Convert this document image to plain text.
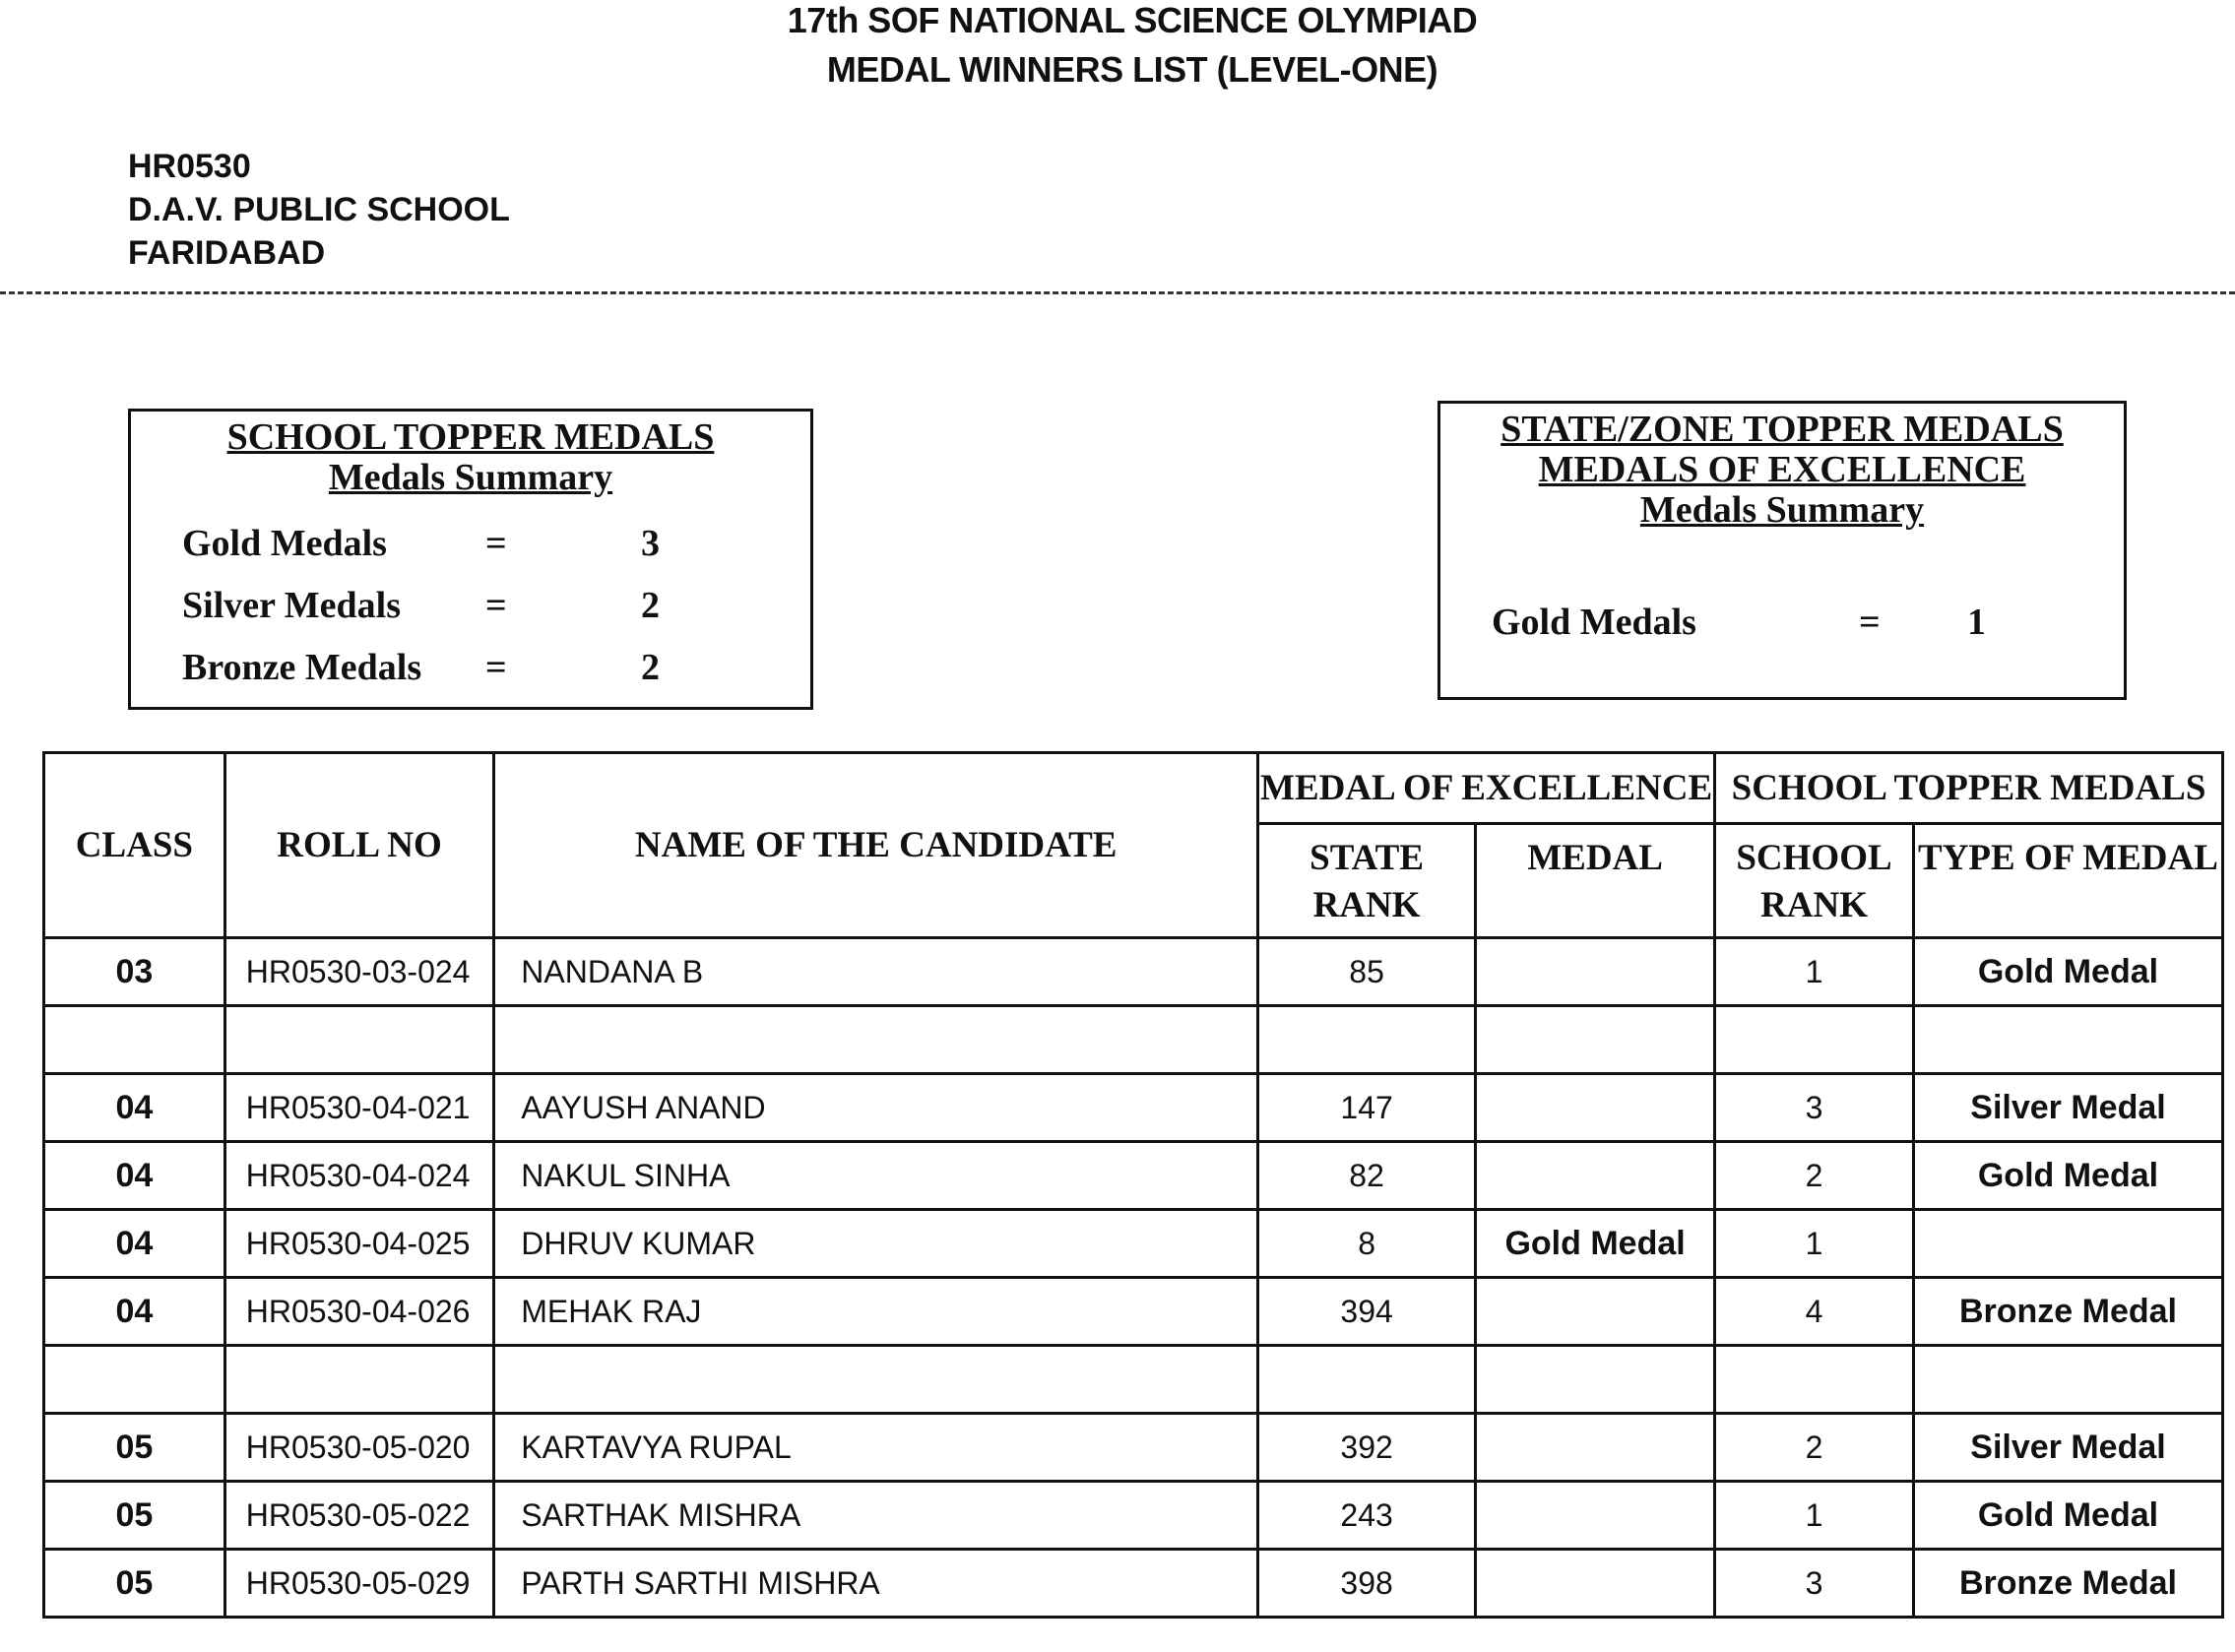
17th SOF NATIONAL SCIENCE OLYMPIAD
MEDAL WINNERS LIST (LEVEL-ONE)
HR0530
D.A.V. PUBLIC SCHOOL
FARIDABAD
SCHOOL TOPPER MEDALS
Medals Summary
Gold Medals	=	3
Silver Medals =	2
Bronze Medals =	2
STATE/ZONE TOPPER MEDALS
MEDALS OF EXCELLENCE
Medals Summary
Gold Medals	= 1
CLASS	ROLL NO	NAME OF THE CANDIDATE	MEDAL OF EXCELLENCE		SCHOOL TOPPER MEDALS	
			STATE RANK	MEDAL	SCHOOL RANK	TYPE OF MEDAL
03	HR0530-03-024	NANDANA B	85		1	Gold Medal

04	HR0530-04-021	AAYUSH ANAND	147		3	Silver Medal
04	HR0530-04-024	NAKUL SINHA	82		2	Gold Medal
04	HR0530-04-025	DHRUV KUMAR	8	Gold Medal	1	
04	HR0530-04-026	MEHAK RAJ	394		4	Bronze Medal

05	HR0530-05-020	KARTAVYA RUPAL	392		2	Silver Medal
05	HR0530-05-022	SARTHAK MISHRA	243		1	Gold Medal
05	HR0530-05-029	PARTH SARTHI MISHRA	398		3	Bronze Medal
